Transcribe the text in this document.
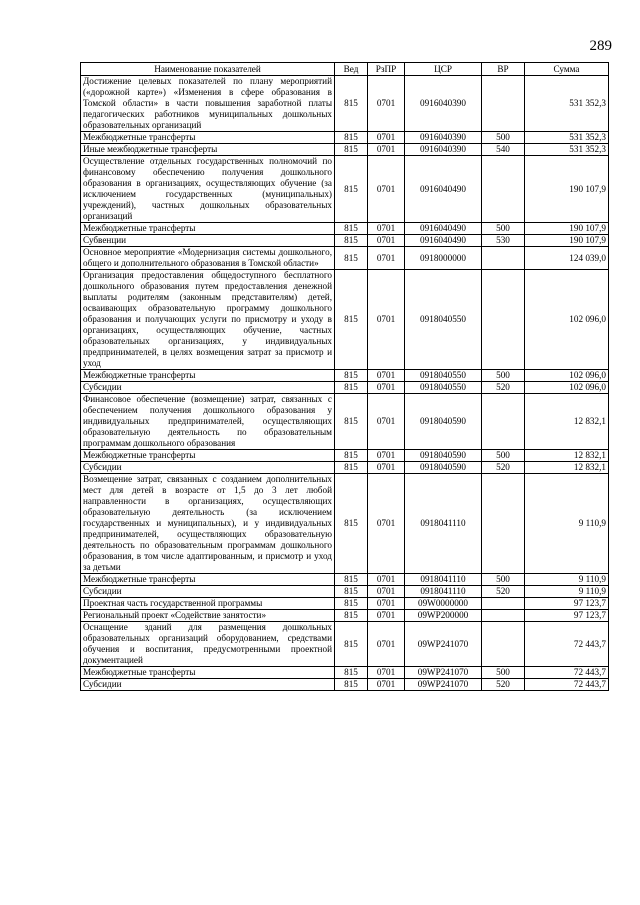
289
Наименование показателей	Вед	РзПР	ЦСР	ВР	Сумма
Достижение целевых показателей по плану мероприятий («дорожной карте») «Изменения в сфере образования в Томской области» в части повышения заработной платы педагогических работников муниципальных дошкольных образовательных организаций	815	0701	0916040390		531 352,3
Межбюджетные трансферты	815	0701	0916040390	500	531 352,3
Иные межбюджетные трансферты	815	0701	0916040390	540	531 352,3
Осуществление отдельных государственных полномочий по финансовому обеспечению получения дошкольного образования в организациях, осуществляющих обучение (за исключением государственных (муниципальных) учреждений), частных дошкольных образовательных организаций	815	0701	0916040490		190 107,9
Межбюджетные трансферты	815	0701	0916040490	500	190 107,9
Субвенции	815	0701	0916040490	530	190 107,9
Основное мероприятие «Модернизация системы дошкольного, общего и дополнительного образования в Томской области»	815	0701	0918000000		124 039,0
Организация предоставления общедоступного бесплатного дошкольного образования путем предоставления денежной выплаты родителям (законным представителям) детей, осваивающих образовательную программу дошкольного образования и получающих услуги по присмотру и уходу в организациях, осуществляющих обучение, частных образовательных организациях, у индивидуальных предпринимателей, в целях возмещения затрат за присмотр и уход	815	0701	0918040550		102 096,0
Межбюджетные трансферты	815	0701	0918040550	500	102 096,0
Субсидии	815	0701	0918040550	520	102 096,0
Финансовое обеспечение (возмещение) затрат, связанных с обеспечением получения дошкольного образования у индивидуальных предпринимателей, осуществляющих образовательную деятельность по образовательным программам дошкольного образования	815	0701	0918040590		12 832,1
Межбюджетные трансферты	815	0701	0918040590	500	12 832,1
Субсидии	815	0701	0918040590	520	12 832,1
Возмещение затрат, связанных с созданием дополнительных мест для детей в возрасте от 1,5 до 3 лет любой направленности в организациях, осуществляющих образовательную деятельность (за исключением государственных и муниципальных), и у индивидуальных предпринимателей, осуществляющих образовательную деятельность по образовательным программам дошкольного образования, в том числе адаптированным, и присмотр и уход за детьми	815	0701	0918041110		9 110,9
Межбюджетные трансферты	815	0701	0918041110	500	9 110,9
Субсидии	815	0701	0918041110	520	9 110,9
Проектная часть государственной программы	815	0701	09W0000000		97 123,7
Региональный проект «Содействие занятости»	815	0701	09WP200000		97 123,7
Оснащение зданий для размещения дошкольных образовательных организаций оборудованием, средствами обучения и воспитания, предусмотренными проектной документацией	815	0701	09WP241070		72 443,7
Межбюджетные трансферты	815	0701	09WP241070	500	72 443,7
Субсидии	815	0701	09WP241070	520	72 443,7
